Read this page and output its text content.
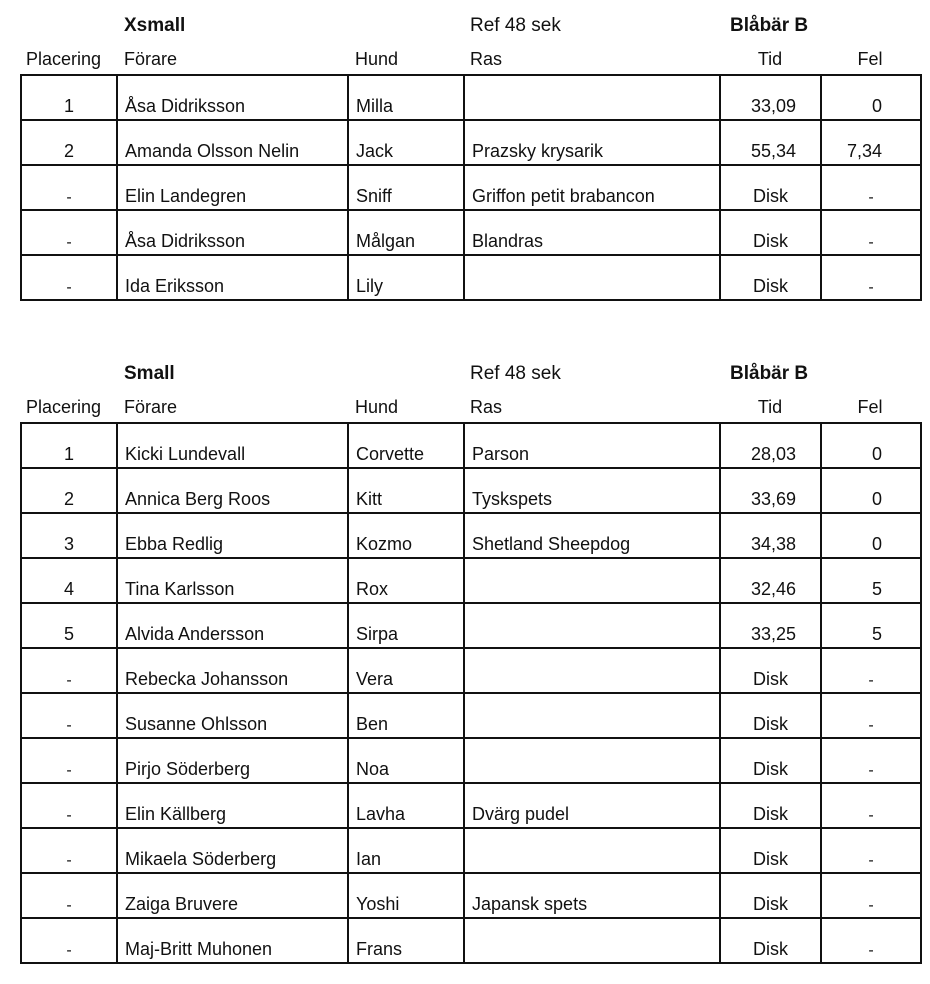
Xsmall	Ref 48 sek	Blåbär B
Placering Förare	Hund	Ras	Tid	Fel
1	Åsa Didriksson	Milla		33,09	0
2	Amanda Olsson Nelin	Jack	Prazsky krysarik	55,34	7,34
-	Elin Landegren	Sniff	Griffon petit brabancon	Disk	-
-	Åsa Didriksson	Målgan	Blandras	Disk	-
-	Ida Eriksson	Lily		Disk	-
Small	Ref 48 sek	Blåbär B
Placering Förare	Hund	Ras	Tid	Fel
1	Kicki Lundevall	Corvette	Parson	28,03	0
2	Annica Berg Roos	Kitt	Tyskspets	33,69	0
3	Ebba Redlig	Kozmo	Shetland Sheepdog	34,38	0
4	Tina Karlsson	Rox		32,46	5
5	Alvida Andersson	Sirpa		33,25	5
-	Rebecka Johansson	Vera		Disk	-
-	Susanne Ohlsson	Ben		Disk	-
-	Pirjo Söderberg	Noa		Disk	-
-	Elin Källberg	Lavha	Dvärg pudel	Disk	-
-	Mikaela Söderberg	Ian		Disk	-
-	Zaiga Bruvere	Yoshi	Japansk spets	Disk	-
-	Maj-Britt Muhonen	Frans		Disk	-
